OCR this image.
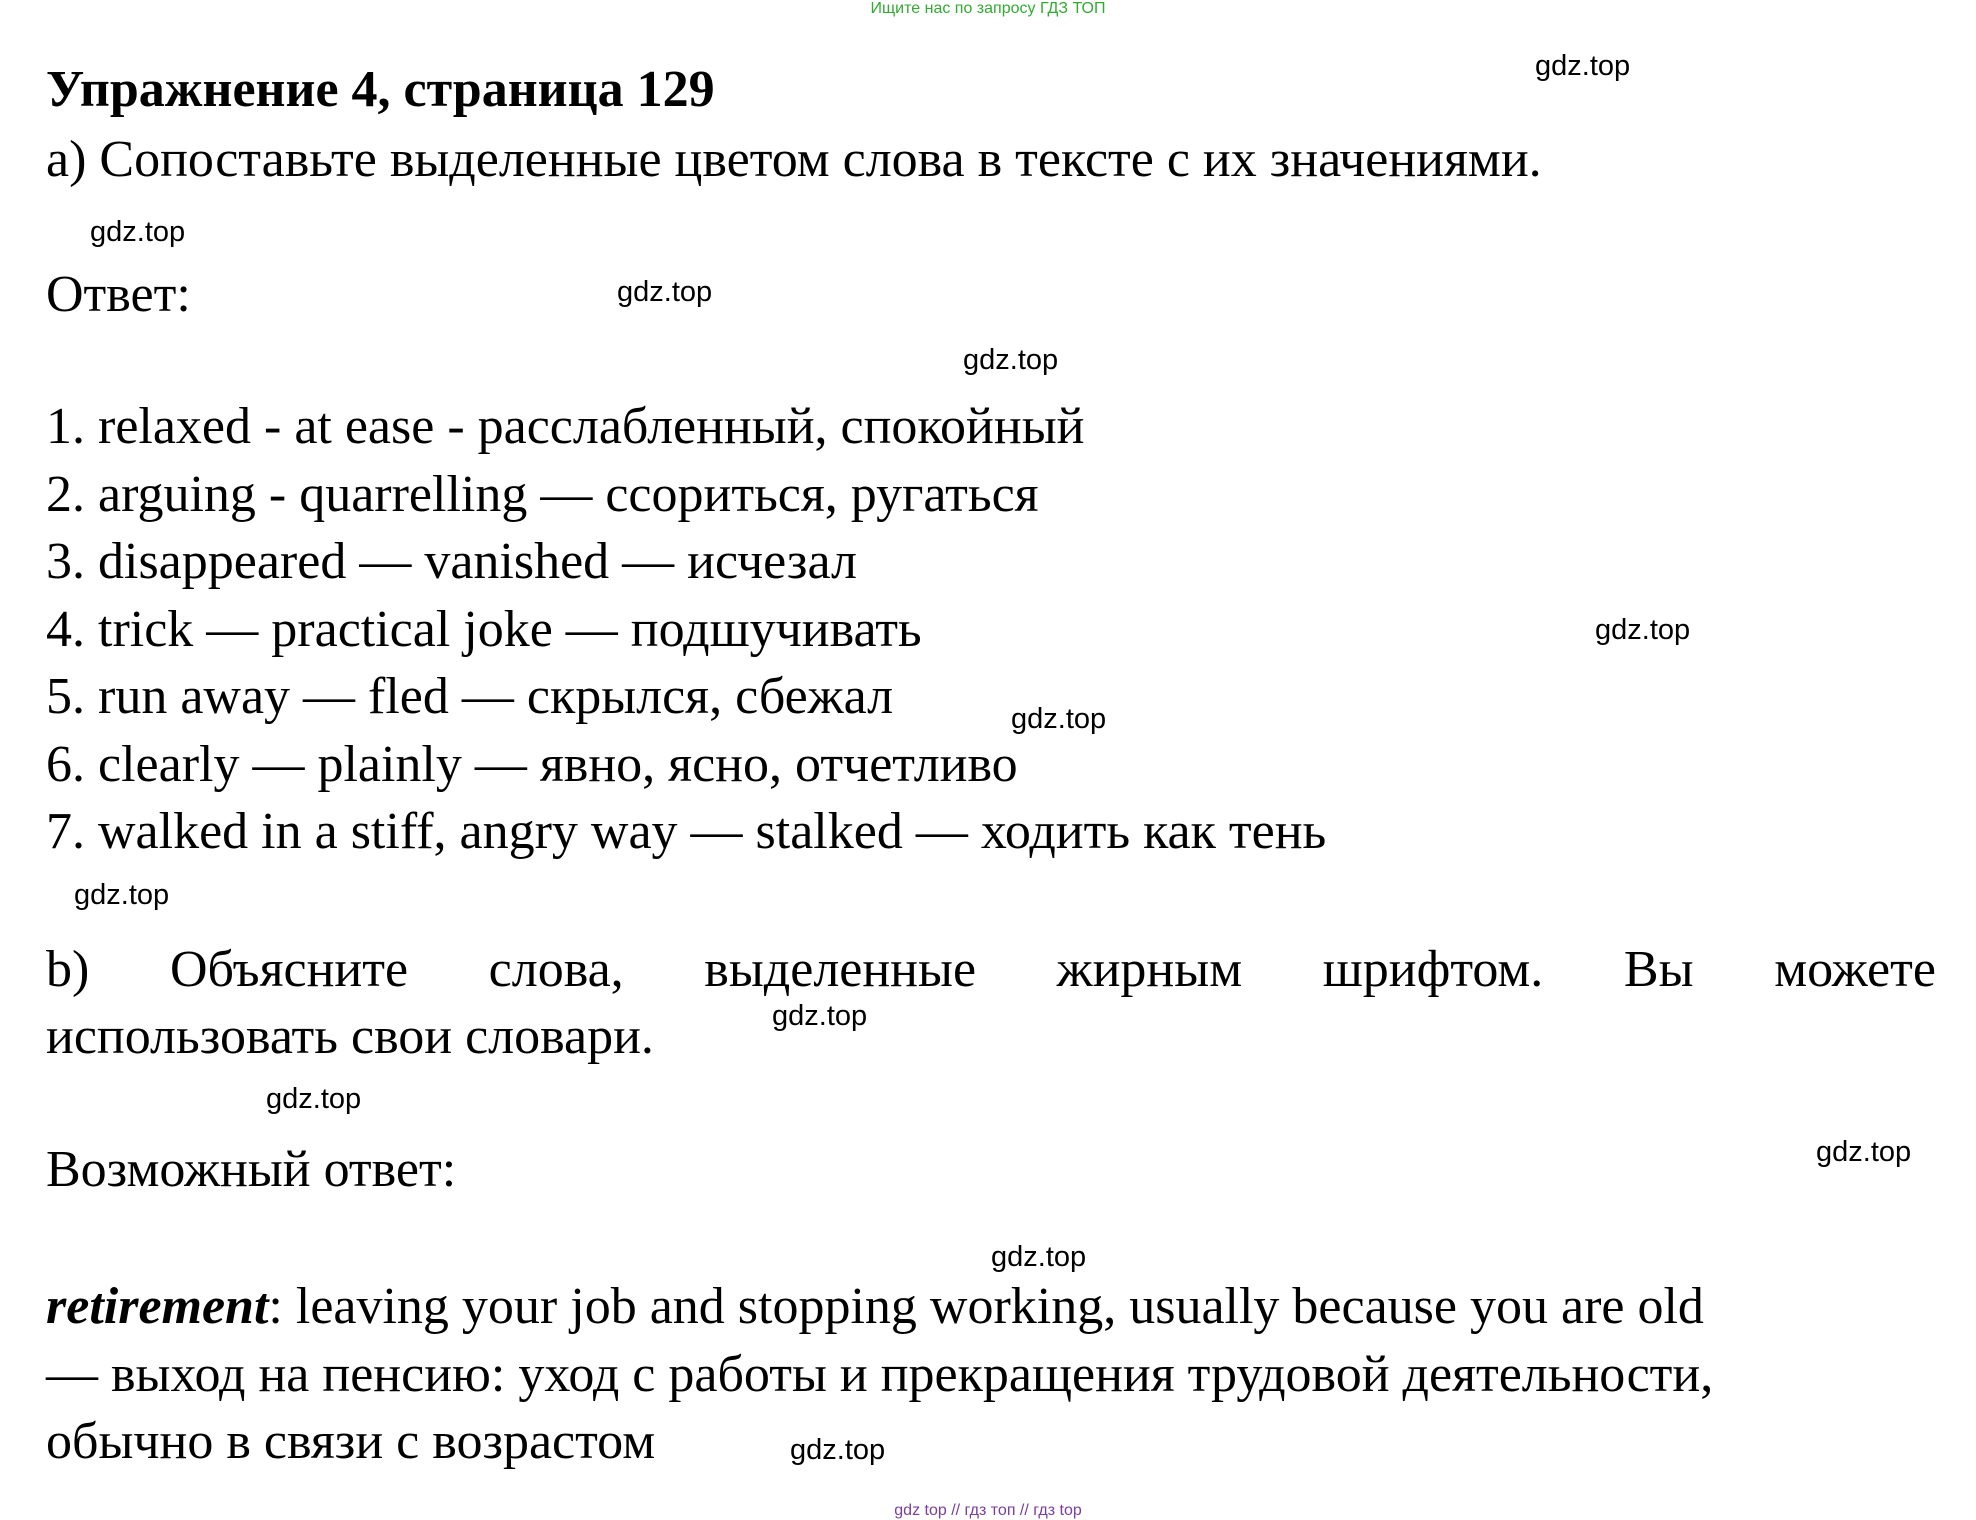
Ищите нас по запросу ГДЗ ТОП
Упражнение 4, страница 129
a) Сопоставьте выделенные цветом слова в тексте с их значениями.
Ответ:
1. relaxed - at ease - расслабленный, спокойный
2. arguing - quarrelling — ссориться, ругаться
3. disappeared — vanished — исчезал
4. trick — practical joke — подшучивать
5. run away — fled — скрылся, сбежал
6. clearly — plainly — явно, ясно, отчетливо
7. walked in a stiff, angry way — stalked — ходить как тень
b) Объясните слова, выделенные жирным шрифтом. Вы можете
использовать свои словари.
Возможный ответ:
retirement: leaving your job and stopping working, usually because you are old
— выход на пенсию: уход с работы и прекращения трудовой деятельности,
обычно в связи с возрастом
gdz.top
gdz.top
gdz.top
gdz.top
gdz.top
gdz.top
gdz.top
gdz.top
gdz.top
gdz.top
gdz.top
gdz.top
gdz top // гдз топ // гдз top
